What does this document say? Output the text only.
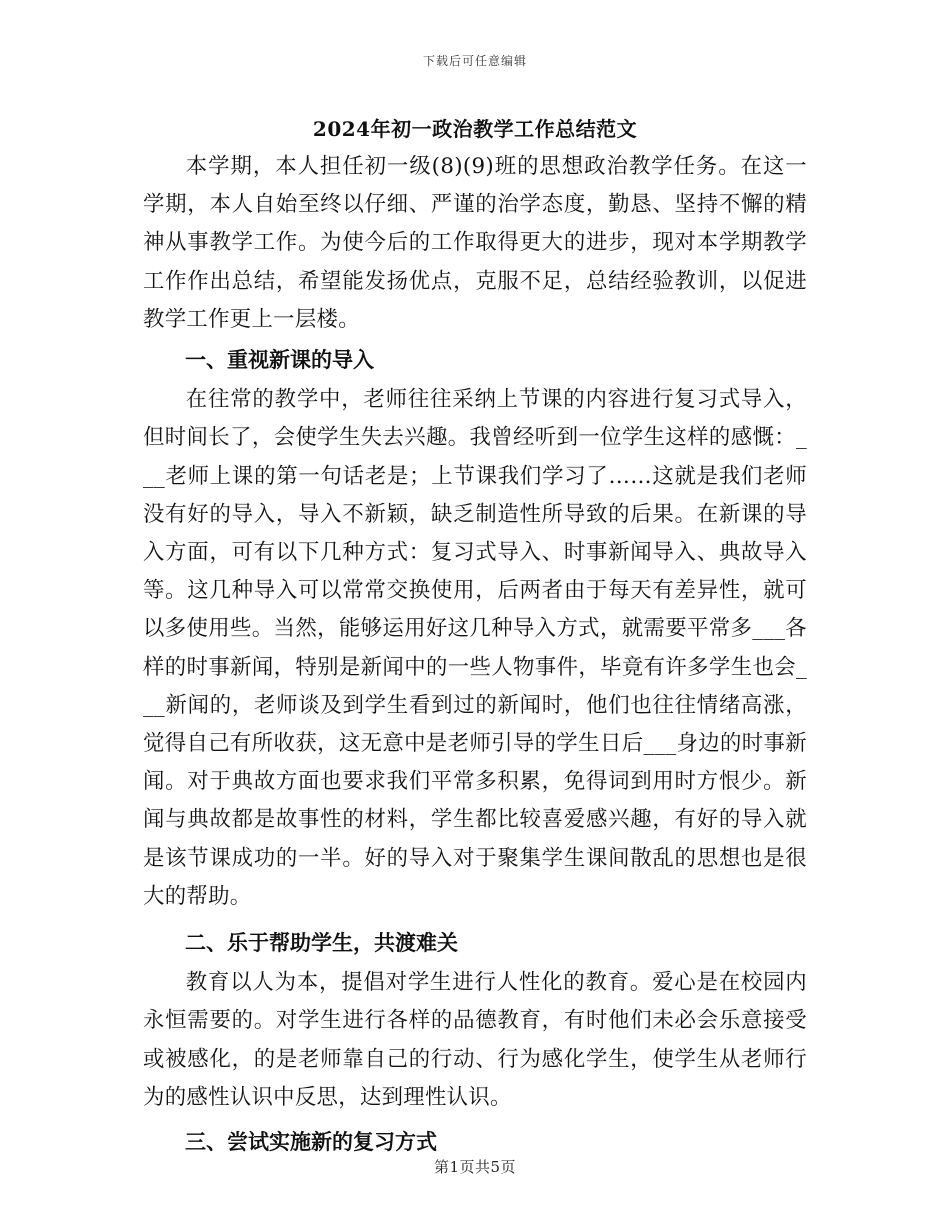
下载后可任意编辑
2024年初一政治教学工作总结范文

本学期，本人担任初一级(8)(9)班的思想政治教学任务。在这一学期，本人自始至终以仔细、严谨的治学态度，勤恳、坚持不懈的精神从事教学工作。为使今后的工作取得更大的进步，现对本学期教学工作作出总结，希望能发扬优点，克服不足，总结经验教训，以促进教学工作更上一层楼。

一、重视新课的导入

在往常的教学中，老师往往采纳上节课的内容进行复习式导入，但时间长了，会使学生失去兴趣。我曾经听到一位学生这样的感慨：___老师上课的第一句话老是；上节课我们学习了……这就是我们老师没有好的导入，导入不新颖，缺乏制造性所导致的后果。在新课的导入方面，可有以下几种方式：复习式导入、时事新闻导入、典故导入等。这几种导入可以常常交换使用，后两者由于每天有差异性，就可以多使用些。当然，能够运用好这几种导入方式，就需要平常多___各样的时事新闻，特别是新闻中的一些人物事件，毕竟有许多学生也会___新闻的，老师谈及到学生看到过的新闻时，他们也往往情绪高涨，觉得自己有所收获，这无意中是老师引导的学生日后___身边的时事新闻。对于典故方面也要求我们平常多积累，免得词到用时方恨少。新闻与典故都是故事性的材料，学生都比较喜爱感兴趣，有好的导入就是该节课成功的一半。好的导入对于聚集学生课间散乱的思想也是很大的帮助。

二、乐于帮助学生，共渡难关

教育以人为本，提倡对学生进行人性化的教育。爱心是在校园内永恒需要的。对学生进行各样的品德教育，有时他们未必会乐意接受或被感化，的是老师靠自己的行动、行为感化学生，使学生从老师行为的感性认识中反思，达到理性认识。

三、尝试实施新的复习方式
第1页共5页
